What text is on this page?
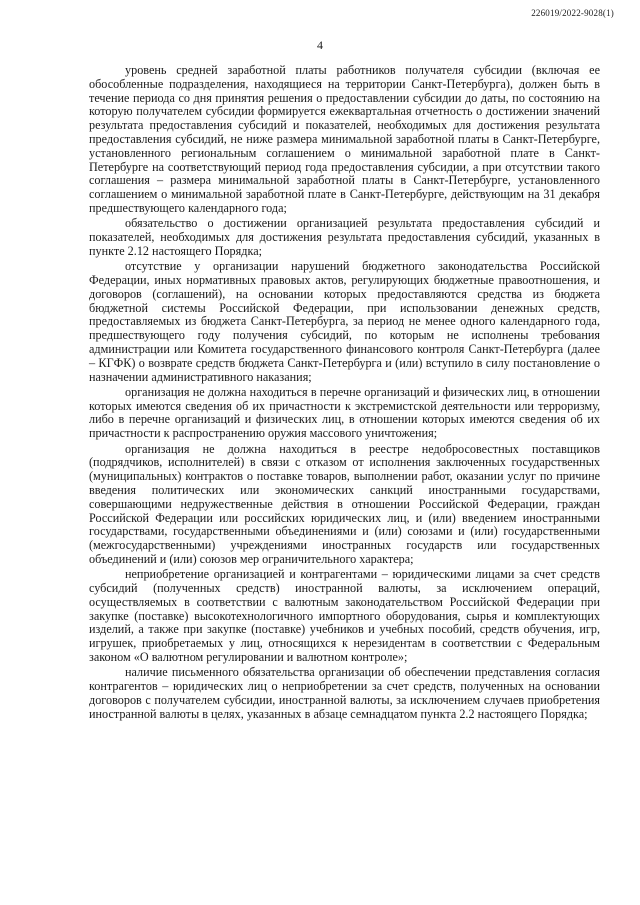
226019/2022-9028(1)
4

уровень средней заработной платы работников получателя субсидии (включая ее обособленные подразделения, находящиеся на территории Санкт-Петербурга), должен быть в течение периода со дня принятия решения о предоставлении субсидии до даты, по состоянию на которую получателем субсидии формируется ежеквартальная отчетность о достижении значений результата предоставления субсидий и показателей, необходимых для достижения результата предоставления субсидий, не ниже размера минимальной заработной платы в Санкт-Петербурге, установленного региональным соглашением о минимальной заработной плате в Санкт-Петербурге на соответствующий период года предоставления субсидии, а при отсутствии такого соглашения – размера минимальной заработной платы в Санкт-Петербурге, установленного соглашением о минимальной заработной плате в Санкт-Петербурге, действующим на 31 декабря предшествующего календарного года;

обязательство о достижении организацией результата предоставления субсидий и показателей, необходимых для достижения результата предоставления субсидий, указанных в пункте 2.12 настоящего Порядка;

отсутствие у организации нарушений бюджетного законодательства Российской Федерации, иных нормативных правовых актов, регулирующих бюджетные правоотношения, и договоров (соглашений), на основании которых предоставляются средства из бюджета бюджетной системы Российской Федерации, при использовании денежных средств, предоставляемых из бюджета Санкт-Петербурга, за период не менее одного календарного года, предшествующего году получения субсидий, по которым не исполнены требования администрации или Комитета государственного финансового контроля Санкт-Петербурга (далее – КГФК) о возврате средств бюджета Санкт-Петербурга и (или) вступило в силу постановление о назначении административного наказания;

организация не должна находиться в перечне организаций и физических лиц, в отношении которых имеются сведения об их причастности к экстремистской деятельности или терроризму, либо в перечне организаций и физических лиц, в отношении которых имеются сведения об их причастности к распространению оружия массового уничтожения;

организация не должна находиться в реестре недобросовестных поставщиков (подрядчиков, исполнителей) в связи с отказом от исполнения заключенных государственных (муниципальных) контрактов о поставке товаров, выполнении работ, оказании услуг по причине введения политических или экономических санкций иностранными государствами, совершающими недружественные действия в отношении Российской Федерации, граждан Российской Федерации или российских юридических лиц, и (или) введением иностранными государствами, государственными объединениями и (или) союзами и (или) государственными (межгосударственными) учреждениями иностранных государств или государственных объединений и (или) союзов мер ограничительного характера;

неприобретение организацией и контрагентами – юридическими лицами за счет средств субсидий (полученных средств) иностранной валюты, за исключением операций, осуществляемых в соответствии с валютным законодательством Российской Федерации при закупке (поставке) высокотехнологичного импортного оборудования, сырья и комплектующих изделий, а также при закупке (поставке) учебников и учебных пособий, средств обучения, игр, игрушек, приобретаемых у лиц, относящихся к нерезидентам в соответствии с Федеральным законом «О валютном регулировании и валютном контроле»;

наличие письменного обязательства организации об обеспечении представления согласия контрагентов – юридических лиц о неприобретении за счет средств, полученных на основании договоров с получателем субсидии, иностранной валюты, за исключением случаев приобретения иностранной валюты в целях, указанных в абзаце семнадцатом пункта 2.2 настоящего Порядка;
